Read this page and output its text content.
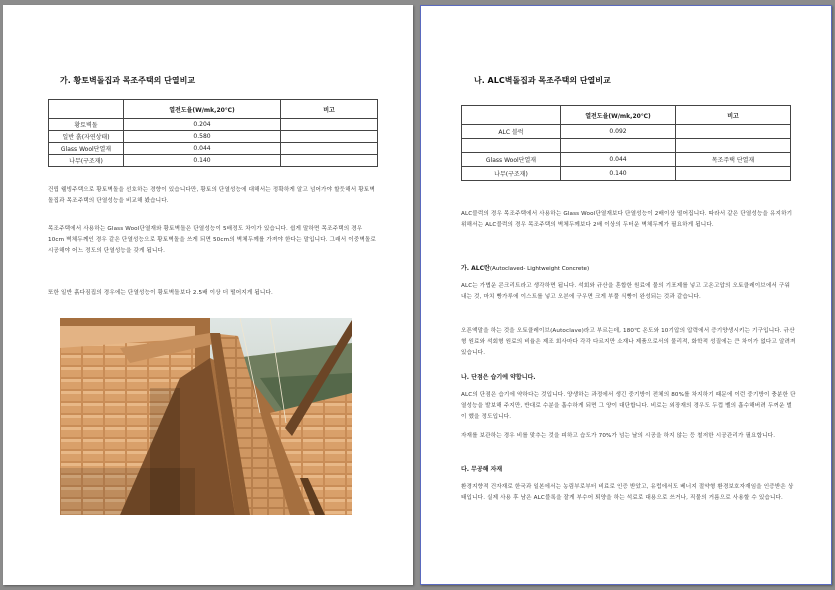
가. 황토벽돌집과 목조주택의 단열비교
	열전도율(W/mk,20℃)	비고
황토벽돌	0.204	
일반 흙(자연상태)	0.580	
Glass Wool단열재	0.044	
나무(구조재)	0.140	

건립 웰빙주택으로 황토벽돌을 선호하는 경향이 있습니다만, 황토의 단열성능에 대해서는 정확하게 알고 넘어가야 할듯해서 황토벽돌집과 목조주택의 단열성능을 비교해 봤습니다.

목조주택에서 사용하는 Glass Wool단열재와 황토벽돌은 단열성능이 5배정도 차이가 있습니다. 쉽게 말하면 목조주택의 경우 10cm 벽체두께인 경우 같은 단열성능으로 황토벽돌을 쓰게 되면 50cm의 벽체두께를 가져야 한다는 말입니다. 그래서 이중벽돌로 시공해야 어느 정도의 단열성능을 갖게 됩니다.

또한 일반 흙다짐집의 경우에는 단열성능이 황토벽돌보다 2.5배 이상 더 떨어지게 됩니다.

나. ALC벽돌집과 목조주택의 단열비교
	열전도율(W/mk,20℃)	비고
ALC 블럭	0.092	

Glass Wool단열재	0.044	목조주택 단열재
나무(구조재)	0.140	

ALC블럭의 경우 목조주택에서 사용하는 Glass Wool단열재보다 단열성능이 2배이상 떨어집니다. 따라서 같은 단열성능을 유지하기 위해서는 ALC블럭의 경우 목조주택의 벽체두께보다 2배 이상의 두터운 벽체두께가 필요하게 됩니다.

가. ALC란(Autoclaved- Lightweight Concrete)

ALC는 가볍운 콘크리트라고 생각하면 됩니다. 석회와 규산을 혼합한 원료에 물의 기포제를 넣고 고온고압의 오토클레이브에서 구워 내는 것, 마치 빵가루에 이스트를 넣고 오븐에 구우면 크게 부풀 식빵이 완성되는 것과 같습니다.

오픈액말을 하는 것을 오토클레이브(Autoclave)라고 부르는데, 180℃ 온도와 10기압의 압력에서 증기양생시키는 기구입니다. 규산형 원료와 석회형 원료의 비율은 제조 회사마다 각각 다르지만 소재나 제품으로서의 물리적, 화학적 성질에는 큰 차이가 없다고 알려져 있습니다.

나. 단점은 습기에 약합니다.

ALC의 단점은 습기에 약하다는 것입니다. 양생하는 과정에서 생긴 중기방이 전체의 80%를 차지하기 때문에 이런 중기방이 충분한 단열성능을 발보해 주지만, 반대로 수분을 흡수하게 되면 그 양이 대단합니다. 비로는 외장재의 경우도 두껍 벨의 흡수해버려 두꺼운 벌이 했을 정도입니다.

자재를 보관하는 경우 비를 맞추는 것을 피하고 습도가 70%가 넘는 날의 시공을 하지 않는 등 철저한 시공관리가 필요합니다.

다. 무공해 자재

환경지향적 건자재로 한국과 일본에서는 농림부로부터 비료로 인증 받았고, 유럽에서도 베너지 절약형 환경보호자재임을 인증받은 상태입니다. 실제 사용 후 남은 ALC블록을 잘게 부수어 퇴양을 하는 석료로 대용으로 쓰거나, 직물의 거름으로 사용할 수 있습니다.
